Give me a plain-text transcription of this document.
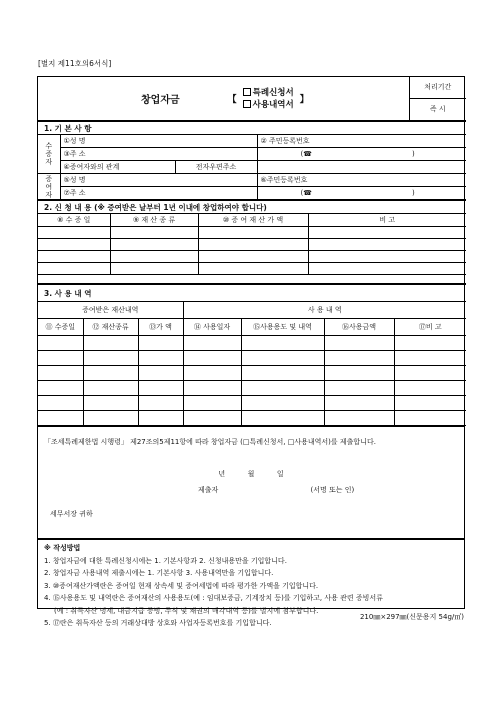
[별지 제11호의6서식]
창업자금	【
특례신청서
사용내역서 】
	처리기간
즉 시
1. 기 본 사 항			
수증자	①성 명		② 주민등록번호
	③주 소		(☎ )
	④증여자와의 관계	전자우편주소	
증여자	⑤성 명		⑥주민등록번호
	⑦주 소		(☎ )
2. 신 청 내 용 (※ 증여받은 날부터 1년 이내에 창업하여야 합니다)			
⑧ 수 증 일	⑨ 재 산 종 류	⑩ 증 여 재 산 가 액	비 고

3. 사 용 내 역						
증여받은 재산내역			사 용 내 역			
⑪ 수증일	⑫ 재산종류	⑬가 액	⑭ 사용일자	⑮사용용도 및 내역	⑯사용금액	⑰비 고

「조세특례제한법 시행령」 제27조의5제11항에 따라 창업자금 (□특례신청서, □사용내역서)를 제출합니다.
년	월	일
제출자	(서명 또는 인)
세무서장 귀하
※ 작성방법
1. 창업자금에 대한 특례신청시에는 1. 기본사항과 2. 신청내용만을 기입합니다.
2. 창업자금 사용내역 제출시에는 1. 기본사항 3. 사용내역만을 기입합니다.
3. ⑩증여재산가액란은 증여일 현재 상속세 및 증여세법에 따라 평가한 가액을 기입합니다.
4. ⑮사용용도 및 내역란은 증여재산의 사용용도(예 : 임대보증금, 기계장치 등)를 기입하고, 사용 관련 증빙서류
(예 : 취득자산 명세, 대금지급 증빙, 주식 및 채권의 매각내역 등)를 별지에 첨부합니다.
5. ⑰란은 취득자산 등의 거래상대방 상호와 사업자등록번호를 기입합니다.
210㎜×297㎜(신문용지 54g/㎡)
